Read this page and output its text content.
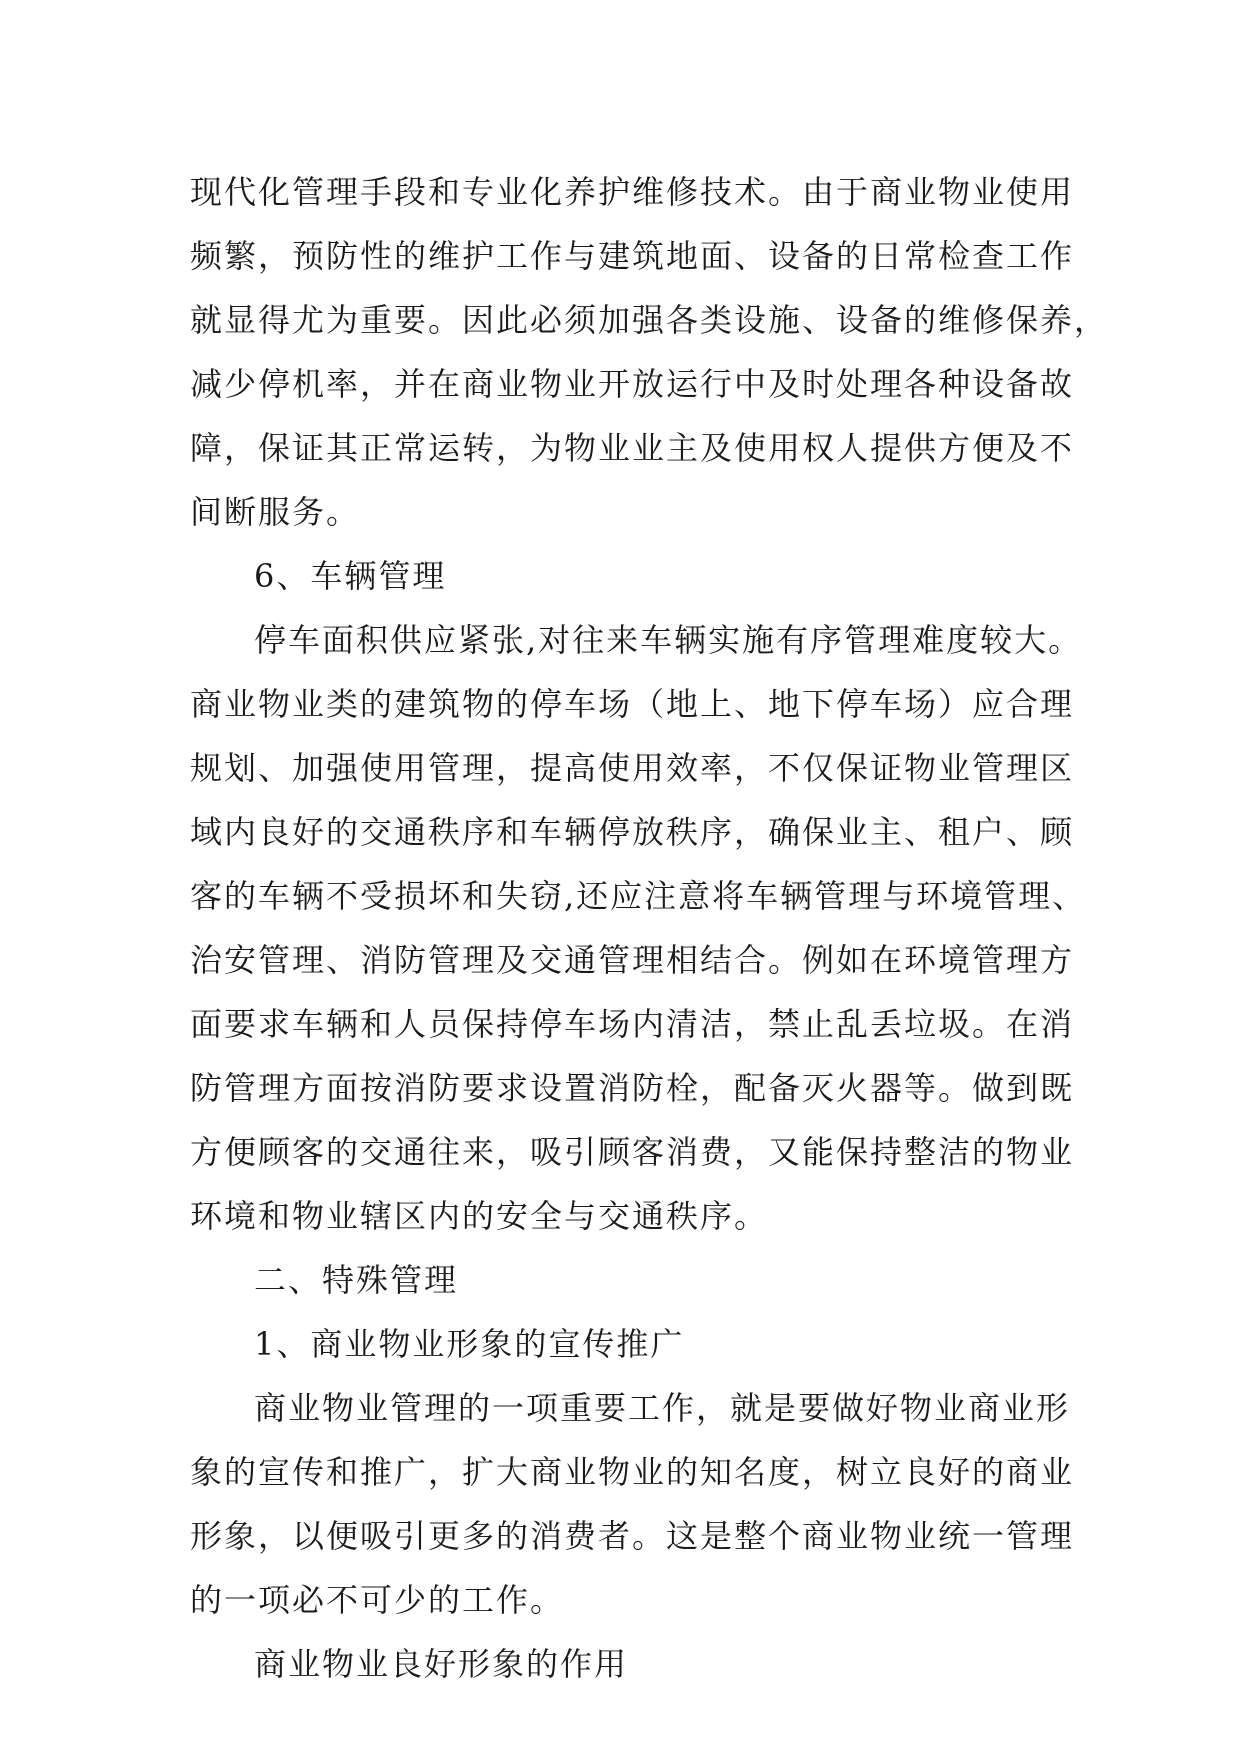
现代化管理手段和专业化养护维修技术。由于商业物业使用
频繁，预防性的维护工作与建筑地面、设备的日常检查工作
就显得尤为重要。因此必须加强各类设施、设备的维修保养，
减少停机率，并在商业物业开放运行中及时处理各种设备故
障，保证其正常运转，为物业业主及使用权人提供方便及不
间断服务。
6、车辆管理
停车面积供应紧张,对往来车辆实施有序管理难度较大。
商业物业类的建筑物的停车场（地上、地下停车场）应合理
规划、加强使用管理，提高使用效率，不仅保证物业管理区
域内良好的交通秩序和车辆停放秩序，确保业主、租户、顾
客的车辆不受损坏和失窃,还应注意将车辆管理与环境管理、
治安管理、消防管理及交通管理相结合。例如在环境管理方
面要求车辆和人员保持停车场内清洁，禁止乱丢垃圾。在消
防管理方面按消防要求设置消防栓，配备灭火器等。做到既
方便顾客的交通往来，吸引顾客消费，又能保持整洁的物业
环境和物业辖区内的安全与交通秩序。
二、特殊管理
1、商业物业形象的宣传推广
商业物业管理的一项重要工作，就是要做好物业商业形
象的宣传和推广，扩大商业物业的知名度，树立良好的商业
形象，以便吸引更多的消费者。这是整个商业物业统一管理
的一项必不可少的工作。
商业物业良好形象的作用
